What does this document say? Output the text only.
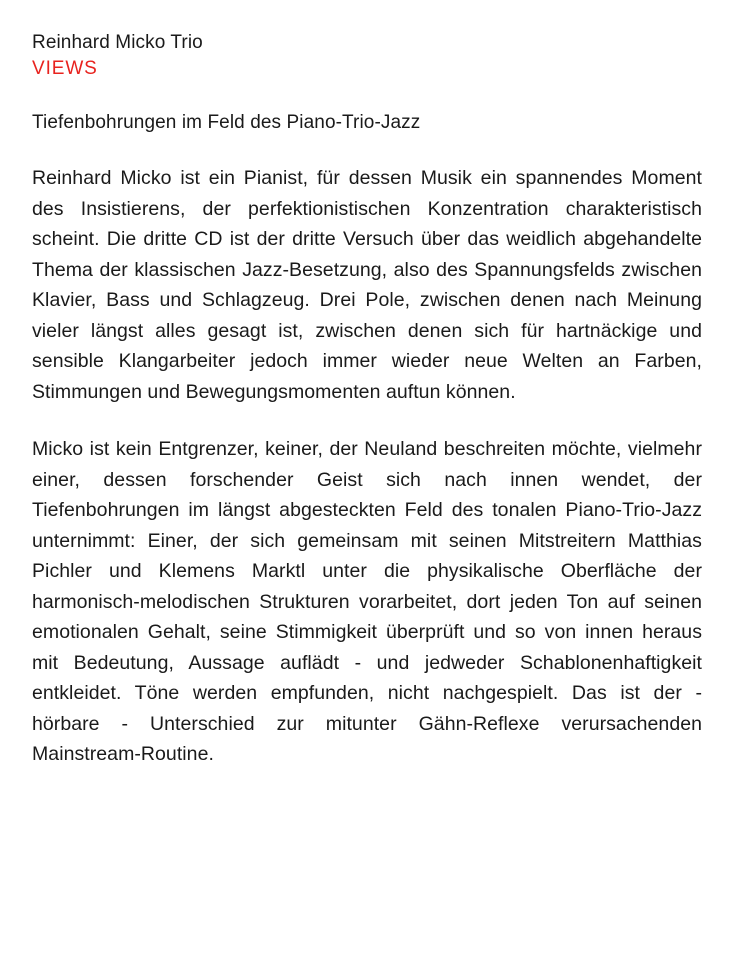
Reinhard Micko Trio
VIEWS
Tiefenbohrungen im Feld des Piano-Trio-Jazz

Reinhard Micko ist ein Pianist, für dessen Musik ein spannendes Moment des Insistierens, der perfektionistischen Konzentration charakteristisch scheint. Die dritte CD ist der dritte Versuch über das weidlich abgehandelte Thema der klassischen Jazz-Besetzung, also des Spannungsfelds zwischen Klavier, Bass und Schlagzeug. Drei Pole, zwischen denen nach Meinung vieler längst alles gesagt ist, zwischen denen sich für hartnäckige und sensible Klangarbeiter jedoch immer wieder neue Welten an Farben, Stimmungen und Bewegungsmomenten auftun können.

Micko ist kein Entgrenzer, keiner, der Neuland beschreiten möchte, vielmehr einer, dessen forschender Geist sich nach innen wendet, der Tiefenbohrungen im längst abgesteckten Feld des tonalen Piano-Trio-Jazz unternimmt: Einer, der sich gemeinsam mit seinen Mitstreitern Matthias Pichler und Klemens Marktl unter die physikalische Oberfläche der harmonisch-melodischen Strukturen vorarbeitet, dort jeden Ton auf seinen emotionalen Gehalt, seine Stimmigkeit überprüft und so von innen heraus mit Bedeutung, Aussage auflädt - und jedweder Schablonenhaftigkeit entkleidet. Töne werden empfunden, nicht nachgespielt. Das ist der - hörbare - Unterschied zur mitunter Gähn-Reflexe verursachenden Mainstream-Routine.
